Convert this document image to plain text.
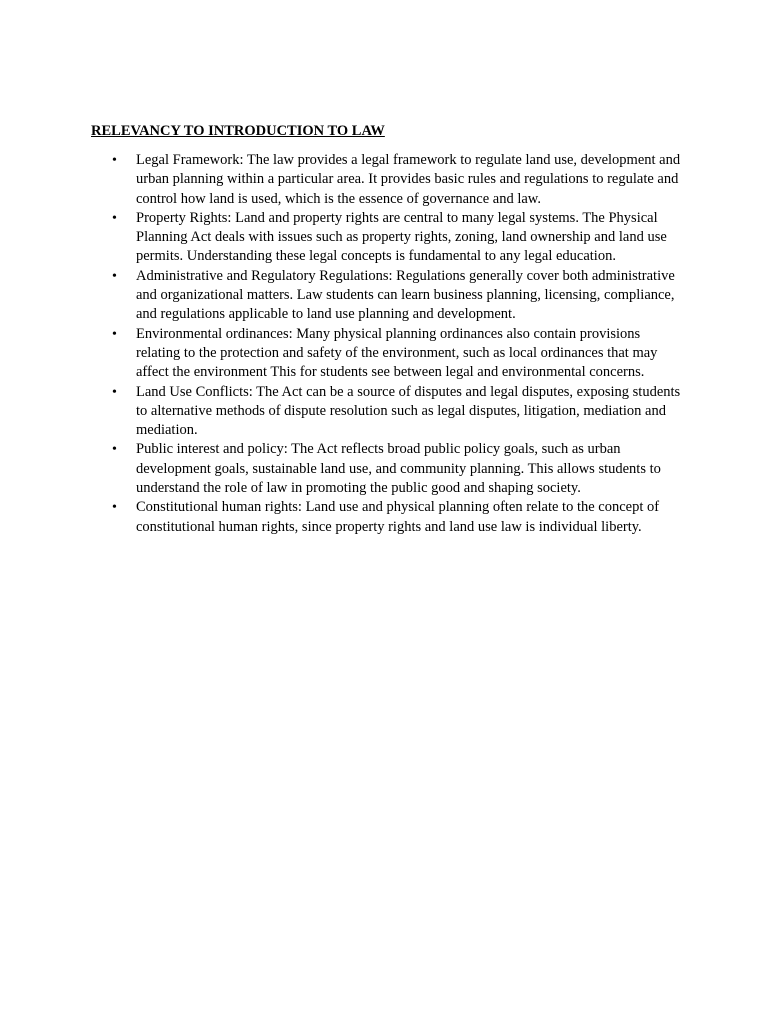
RELEVANCY TO INTRODUCTION TO LAW
• Legal Framework: The law provides a legal framework to regulate land use, development and urban planning within a particular area. It provides basic rules and regulations to regulate and control how land is used, which is the essence of governance and law.
• Property Rights: Land and property rights are central to many legal systems. The Physical Planning Act deals with issues such as property rights, zoning, land ownership and land use permits. Understanding these legal concepts is fundamental to any legal education.
• Administrative and Regulatory Regulations: Regulations generally cover both administrative and organizational matters. Law students can learn business planning, licensing, compliance, and regulations applicable to land use planning and development.
• Environmental ordinances: Many physical planning ordinances also contain provisions relating to the protection and safety of the environment, such as local ordinances that may affect the environment This for students see between legal and environmental concerns.
• Land Use Conflicts: The Act can be a source of disputes and legal disputes, exposing students to alternative methods of dispute resolution such as legal disputes, litigation, mediation and mediation.
• Public interest and policy: The Act reflects broad public policy goals, such as urban development goals, sustainable land use, and community planning. This allows students to understand the role of law in promoting the public good and shaping society.
• Constitutional human rights: Land use and physical planning often relate to the concept of constitutional human rights, since property rights and land use law is individual liberty.
